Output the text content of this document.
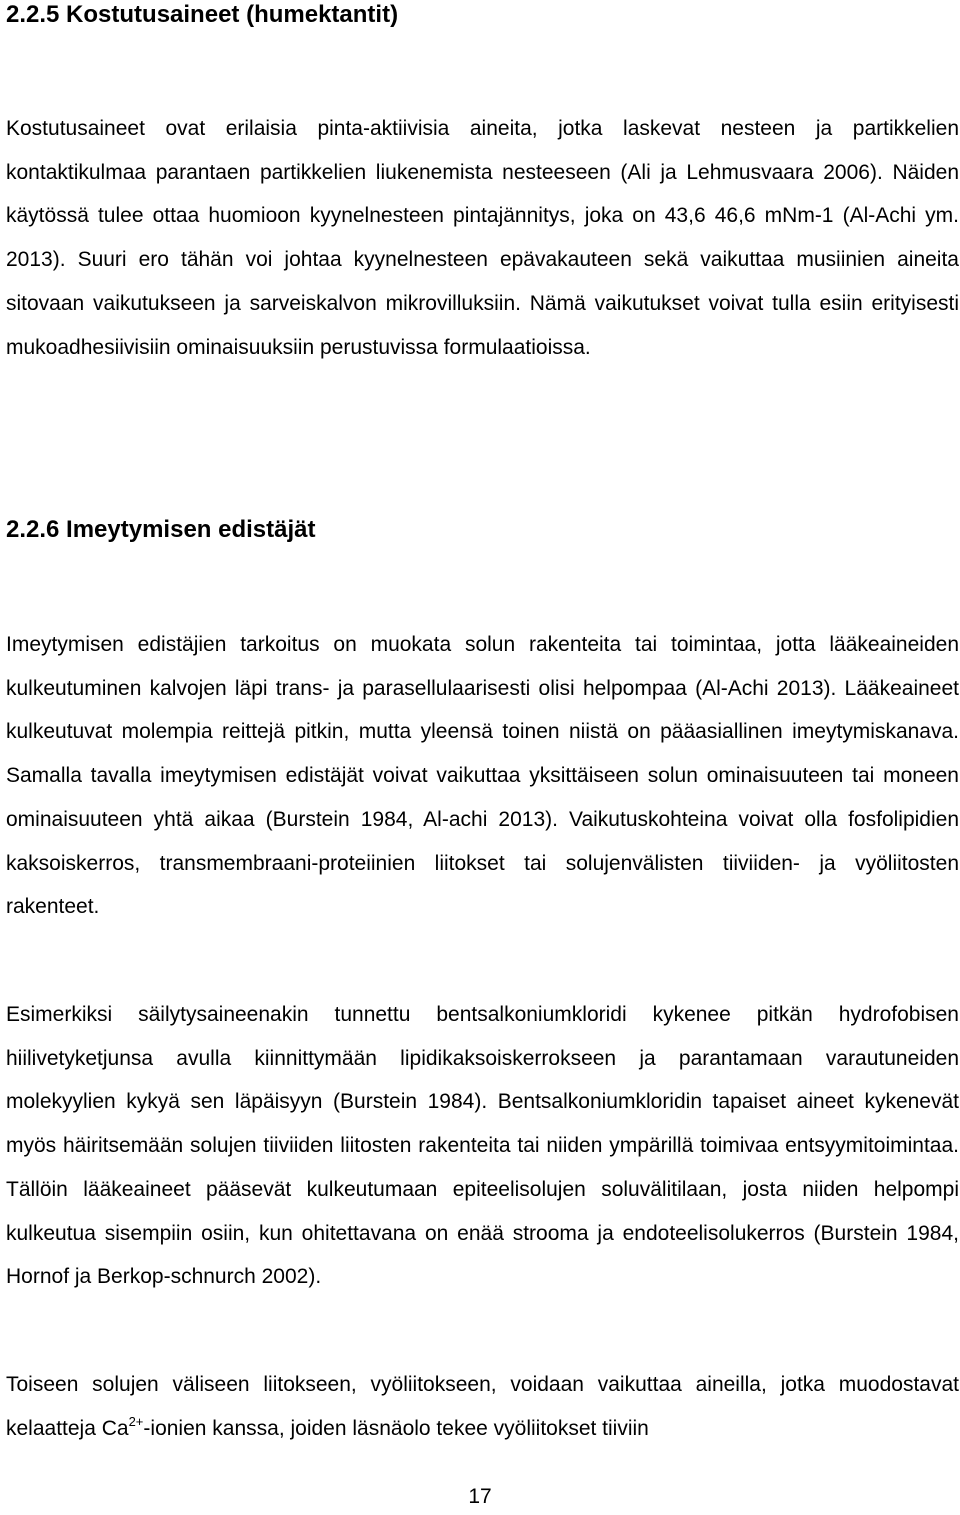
2.2.5 Kostutusaineet (humektantit)

Kostutusaineet ovat erilaisia pinta-aktiivisia aineita, jotka laskevat nesteen ja partikkelien kontaktikulmaa parantaen partikkelien liukenemista nesteeseen (Ali ja Lehmusvaara 2006). Näiden käytössä tulee ottaa huomioon kyynelnesteen pintajännitys, joka on 43,6 46,6 mNm-1 (Al-Achi ym. 2013). Suuri ero tähän voi johtaa kyynelnesteen epävakauteen sekä vaikuttaa musiinien aineita sitovaan vaikutukseen ja sarveiskalvon mikrovilluksiin. Nämä vaikutukset voivat tulla esiin erityisesti mukoadhesiivisiin ominaisuuksiin perustuvissa formulaatioissa.

2.2.6 Imeytymisen edistäjät

Imeytymisen edistäjien tarkoitus on muokata solun rakenteita tai toimintaa, jotta lääkeaineiden kulkeutuminen kalvojen läpi trans- ja parasellulaarisesti olisi helpompaa (Al-Achi 2013). Lääkeaineet kulkeutuvat molempia reittejä pitkin, mutta yleensä toinen niistä on pääasiallinen imeytymiskanava. Samalla tavalla imeytymisen edistäjät voivat vaikuttaa yksittäiseen solun ominaisuuteen tai moneen ominaisuuteen yhtä aikaa (Burstein 1984, Al-achi 2013). Vaikutuskohteina voivat olla fosfolipidien kaksoiskerros, transmembraani-proteiinien liitokset tai solujenvälisten tiiviiden- ja vyöliitosten rakenteet.

Esimerkiksi säilytysaineenakin tunnettu bentsalkoniumkloridi kykenee pitkän hydrofobisen hiilivetyketjunsa avulla kiinnittymään lipidikaksoiskerrokseen ja parantamaan varautuneiden molekyylien kykyä sen läpäisyyn (Burstein 1984). Bentsalkoniumkloridin tapaiset aineet kykenevät myös häiritsemään solujen tiiviiden liitosten rakenteita tai niiden ympärillä toimivaa entsyymitoimintaa. Tällöin lääkeaineet pääsevät kulkeutumaan epiteelisolujen soluvälitilaan, josta niiden helpompi kulkeutua sisempiin osiin, kun ohitettavana on enää strooma ja endoteelisolukerros (Burstein 1984, Hornof ja Berkop-schnurch 2002).

Toiseen solujen väliseen liitokseen, vyöliitokseen, voidaan vaikuttaa aineilla, jotka muodostavat kelaatteja $Ca^{2+}$-ionien kanssa, joiden läsnäolo tekee vyöliitokset tiiviin

17
